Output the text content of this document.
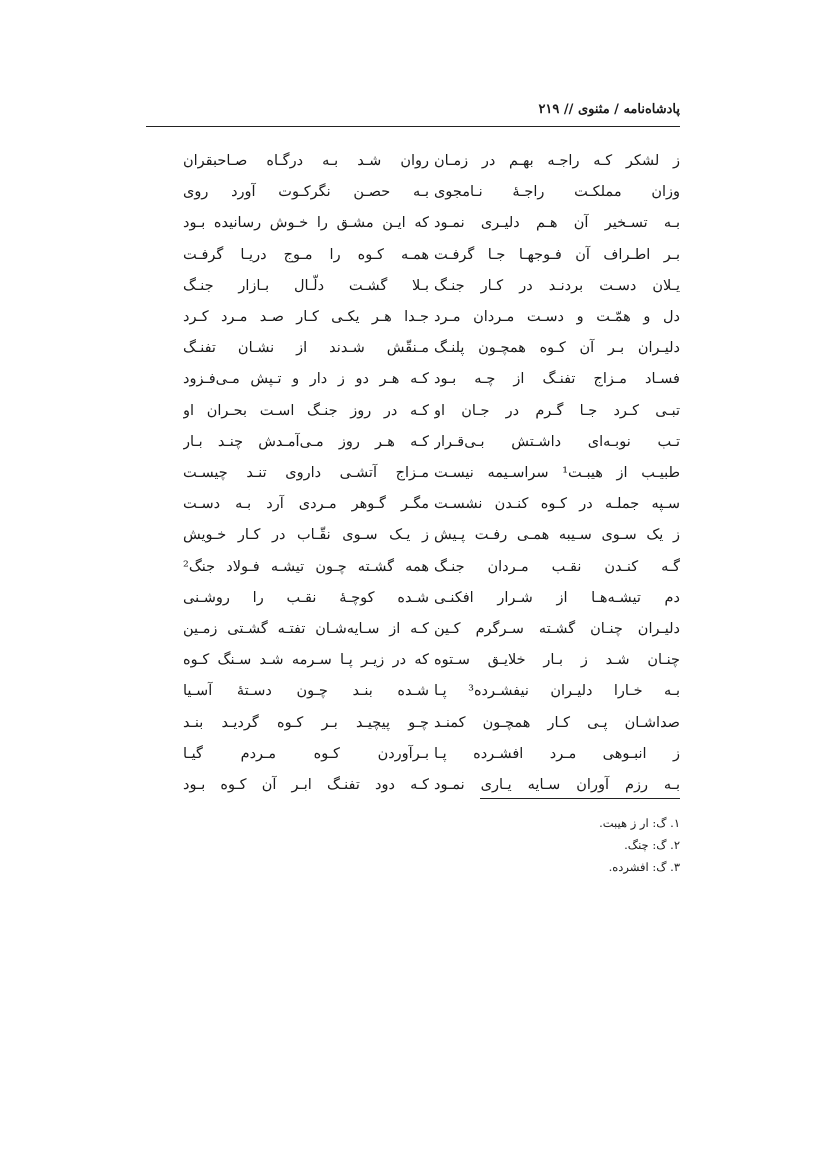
پادشاه‌نامه / مثنوی // ۲۱۹
ز لشکر کـه راجـه بهـم در زمـان
روان شـد بـه درگـاه صـاحبقران
وزان مملکـت راجـهٔ نـامجوی
بـه حصـن نگرکـوت آورد روی
بـه تسـخیر آن هـم دلیـری نمـود
که ایـن مشـق را خـوش رسانیده بـود
بـر اطـراف آن فـوجهـا جـا گرفـت
همـه کـوه را مـوج دریـا گرفـت
یـلان دسـت بردنـد در کـار جنـگ
بـلا گشـت دلّـال بـازار جنـگ
دل و همّـت و دسـت مـردان مـرد
جـدا هـر یکـی کـار صـد مـرد کـرد
دلیـران بـر آن کـوه همچـون پلنـگ
مـنقّش شـدند از نشـان تفنـگ
فسـاد مـزاج تفنـگ از چـه بـود
کـه هـر دو ز دار و تـپش مـی‌فـزود
تبـی کـرد جـا گـرم در جـان او
کـه در روز جنـگ اسـت بحـران او
تـب نوبـه‌ای داشـتش بـی‌قـرار
کـه هـر روز مـی‌آمـدش چنـد بـار
طبیـب از هیبـت¹ سراسـیمه نیسـت
مـزاج آتشـی داروی تنـد چیسـت
سـپه جملـه در کـوه کنـدن نشسـت
مگـر گـوهر مـردی آرد بـه دسـت
ز یک سـوی سـیبه همـی رفـت پـیش
ز یـک سـوی نقّـاب در کـار خـویش
گـه کنـدن نقـب مـردان جنـگ
همه گشـته چـون تیشـه فـولاد جنگ²
دم تیشـه‌هـا از شـرار افکنـی
شـده کوچـهٔ نقـب را روشـنی
دلیـران چنـان گشـته سـرگرم کـین
کـه از سـایه‌شـان تفتـه گشـتی زمـین
چنـان شـد ز بـار خلایـق سـتوه
که در زیـر پـا سـرمه شـد سـنگ کـوه
بـه خـارا دلیـران نیفشـرده³ پـا
شـده بنـد چـون دسـتهٔ آسـیا
صداشـان پـی کـار همچـون کمنـد
چـو پیچیـد بـر کـوه گردیـد بنـد
ز انبـوهی مـرد افشـرده پـا
بـرآوردن کـوه مـردم گیـا
بـه رزم آوران سـایه یـاری نمـود
کـه دود تفنـگ ابـر آن کـوه بـود
۱. گ: ار ز هیبت.
۲. گ: چنگ.
۳. گ: افشرده.
